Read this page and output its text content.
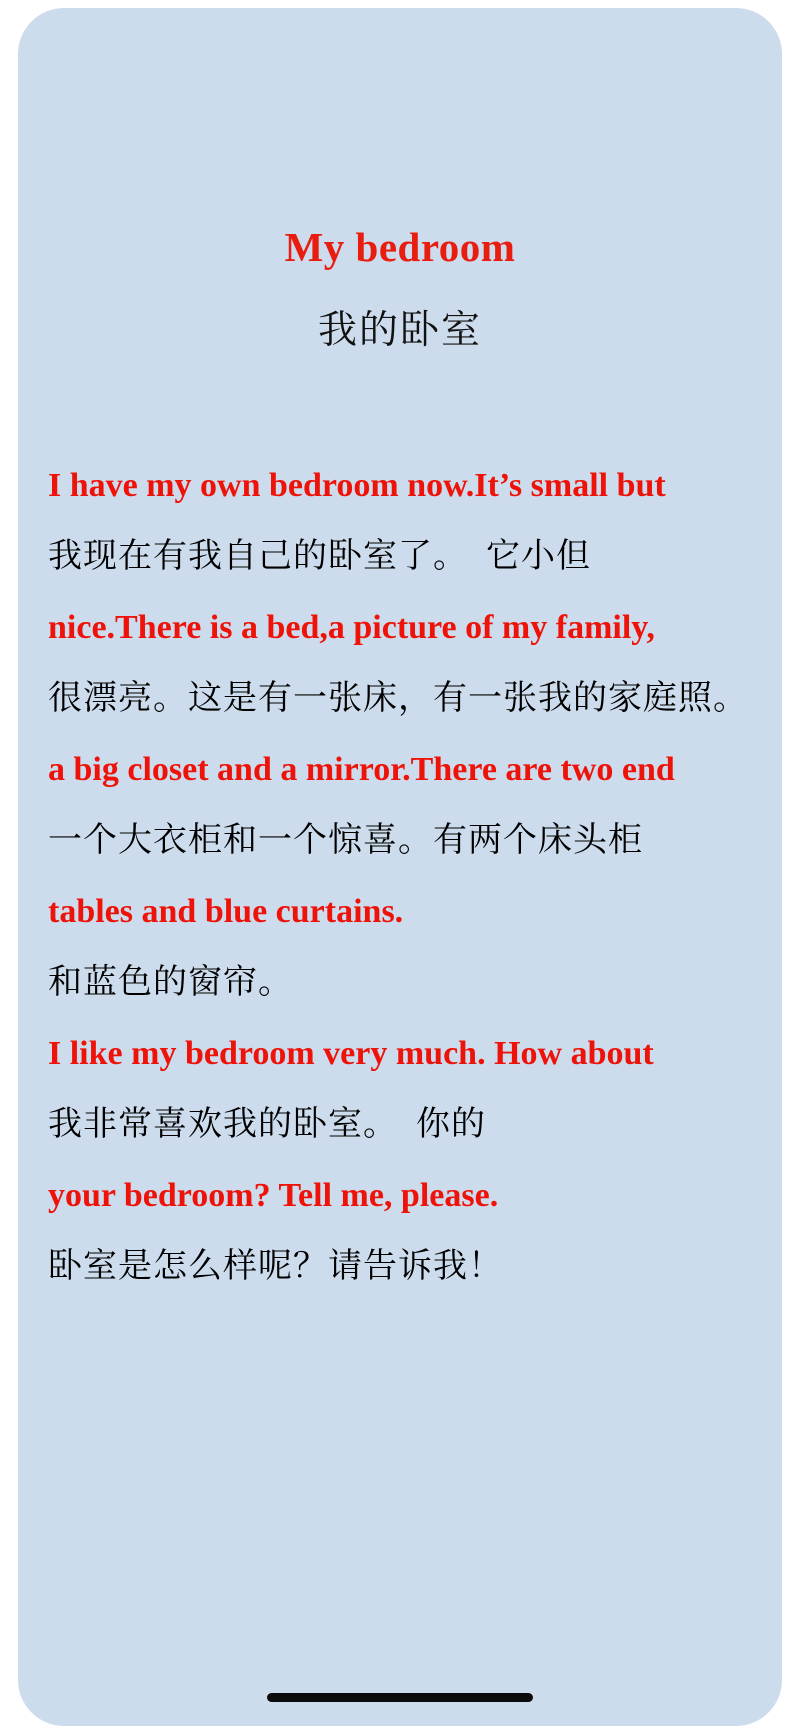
My bedroom
我的卧室

I have my own bedroom now.It’s small but

我现在有我自己的卧室了。　它小但

nice.There is a bed,a picture of my family,

很漂亮。这是有一张床，有一张我的家庭照。

a big closet and a mirror.There are two end

一个大衣柜和一个惊喜。有两个床头柜

tables and blue curtains.

和蓝色的窗帘。

I like my bedroom very much. How about

我非常喜欢我的卧室。　你的

your bedroom? Tell me, please.

卧室是怎么样呢？请告诉我！
